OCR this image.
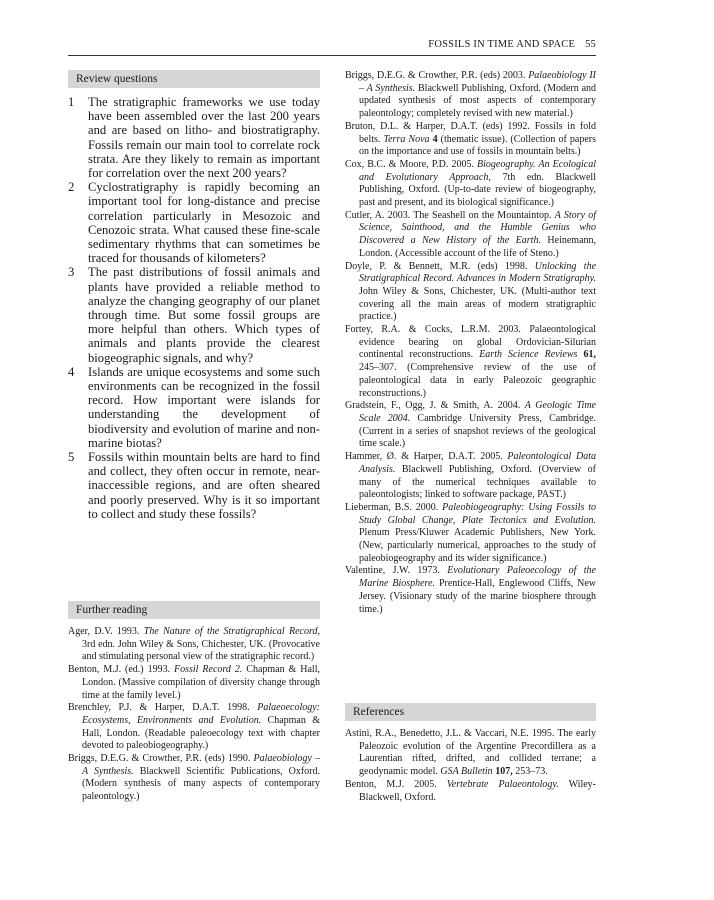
FOSSILS IN TIME AND SPACE 55
Review questions
1	The stratigraphic frameworks we use today have been assembled over the last 200 years and are based on litho- and biostratigraphy. Fossils remain our main tool to correlate rock strata. Are they likely to remain as important for correlation over the next 200 years?
2	Cyclostratigraphy is rapidly becoming an important tool for long-distance and precise correlation particularly in Mesozoic and Cenozoic strata. What caused these fine-scale sedimentary rhythms that can sometimes be traced for thousands of kilometers?
3	The past distributions of fossil animals and plants have provided a reliable method to analyze the changing geography of our planet through time. But some fossil groups are more helpful than others. Which types of animals and plants provide the clearest biogeographic signals, and why?
4	Islands are unique ecosystems and some such environments can be recognized in the fossil record. How important were islands for understanding the development of biodiversity and evolution of marine and non-marine biotas?
5	Fossils within mountain belts are hard to find and collect, they often occur in remote, near-inaccessible regions, and are often sheared and poorly preserved. Why is it so important to collect and study these fossils?
Further reading
Ager, D.V. 1993. The Nature of the Stratigraphical Record, 3rd edn. John Wiley & Sons, Chichester, UK. (Provocative and stimulating personal view of the stratigraphic record.)
Benton, M.J. (ed.) 1993. Fossil Record 2. Chapman & Hall, London. (Massive compilation of diversity change through time at the family level.)
Brenchley, P.J. & Harper, D.A.T. 1998. Palaeoecology: Ecosystems, Environments and Evolution. Chapman & Hall, London. (Readable paleoecology text with chapter devoted to paleobiogeography.)
Briggs, D.E.G. & Crowther, P.R. (eds) 1990. Palaeobiology – A Synthesis. Blackwell Scientific Publications, Oxford. (Modern synthesis of many aspects of contemporary paleontology.)
Briggs, D.E.G. & Crowther, P.R. (eds) 2003. Palaeobiology II – A Synthesis. Blackwell Publishing, Oxford. (Modern and updated synthesis of most aspects of contemporary paleontology; completely revised with new material.)
Bruton, D.L. & Harper, D.A.T. (eds) 1992. Fossils in fold belts. Terra Nova 4 (thematic issue). (Collection of papers on the importance and use of fossils in mountain belts.)
Cox, B.C. & Moore, P.D. 2005. Biogeography. An Ecological and Evolutionary Approach, 7th edn. Blackwell Publishing, Oxford. (Up-to-date review of biogeography, past and present, and its biological significance.)
Cutler, A. 2003. The Seashell on the Mountaintop. A Story of Science, Sainthood, and the Humble Genius who Discovered a New History of the Earth. Heinemann, London. (Accessible account of the life of Steno.)
Doyle, P. & Bennett, M.R. (eds) 1998. Unlocking the Stratigraphical Record. Advances in Modern Stratigraphy. John Wiley & Sons, Chichester, UK. (Multi-author text covering all the main areas of modern stratigraphic practice.)
Fortey, R.A. & Cocks, L.R.M. 2003. Palaeontological evidence bearing on global Ordovician-Silurian continental reconstructions. Earth Science Reviews 61, 245–307. (Comprehensive review of the use of paleontological data in early Paleozoic geographic reconstructions.)
Gradstein, F., Ogg, J. & Smith, A. 2004. A Geologic Time Scale 2004. Cambridge University Press, Cambridge. (Current in a series of snapshot reviews of the geological time scale.)
Hammer, Ø. & Harper, D.A.T. 2005. Paleontological Data Analysis. Blackwell Publishing, Oxford. (Overview of many of the numerical techniques available to paleontologists; linked to software package, PAST.)
Lieberman, B.S. 2000. Paleobiogeography: Using Fossils to Study Global Change, Plate Tectonics and Evolution. Plenum Press/Kluwer Academic Publishers, New York. (New, particularly numerical, approaches to the study of paleobiogeography and its wider significance.)
Valentine, J.W. 1973. Evolutionary Paleoecology of the Marine Biosphere. Prentice-Hall, Englewood Cliffs, New Jersey. (Visionary study of the marine biosphere through time.)
References
Astini, R.A., Benedetto, J.L. & Vaccari, N.E. 1995. The early Paleozoic evolution of the Argentine Precordillera as a Laurentian rifted, drifted, and collided terrane; a geodynamic model. GSA Bulletin 107, 253–73.
Benton, M.J. 2005. Vertebrate Palaeontology. Wiley-Blackwell, Oxford.
